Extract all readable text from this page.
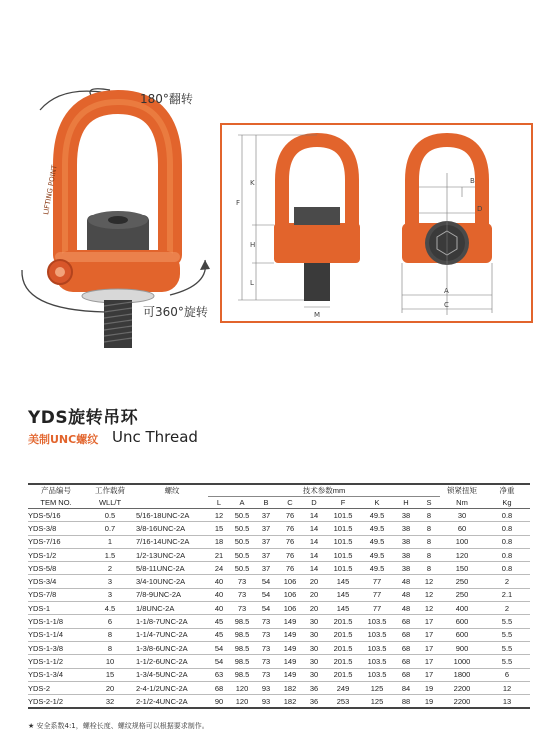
LIFTING POINT
180°翻转
可360°旋转
F
K
H
L
M
B
D
A
C
YDS旋转吊环
美制UNC螺纹 Unc Thread
产品编号	工作载荷	螺纹	技术参数mm									锁紧扭矩	净重
TEM NO.	WLL/T		L	A	B	C	D	F	K	H	S	Nm	Kg
YDS-5/16	0.5	5/16-18UNC-2A	12	50.5	37	76	14	101.5	49.5	38	8	30	0.8
YDS-3/8	0.7	3/8-16UNC-2A	15	50.5	37	76	14	101.5	49.5	38	8	60	0.8
YDS-7/16	1	7/16-14UNC-2A	18	50.5	37	76	14	101.5	49.5	38	8	100	0.8
YDS-1/2	1.5	1/2-13UNC-2A	21	50.5	37	76	14	101.5	49.5	38	8	120	0.8
YDS-5/8	2	5/8-11UNC-2A	24	50.5	37	76	14	101.5	49.5	38	8	150	0.8
YDS-3/4	3	3/4-10UNC-2A	40	73	54	106	20	145	77	48	12	250	2
YDS-7/8	3	7/8-9UNC-2A	40	73	54	106	20	145	77	48	12	250	2.1
YDS-1	4.5	1/8UNC-2A	40	73	54	106	20	145	77	48	12	400	2
YDS-1-1/8	6	1-1/8-7UNC-2A	45	98.5	73	149	30	201.5	103.5	68	17	600	5.5
YDS-1-1/4	8	1-1/4-7UNC-2A	45	98.5	73	149	30	201.5	103.5	68	17	600	5.5
YDS-1-3/8	8	1-3/8-6UNC-2A	54	98.5	73	149	30	201.5	103.5	68	17	900	5.5
YDS-1-1/2	10	1-1/2-6UNC-2A	54	98.5	73	149	30	201.5	103.5	68	17	1000	5.5
YDS-1-3/4	15	1-3/4-5UNC-2A	63	98.5	73	149	30	201.5	103.5	68	17	1800	6
YDS-2	20	2-4-1/2UNC-2A	68	120	93	182	36	249	125	84	19	2200	12
YDS-2-1/2	32	2-1/2-4UNC-2A	90	120	93	182	36	253	125	88	19	2200	13
★ 安全系数4:1，螺栓长度、螺纹规格可以根据要求制作。
